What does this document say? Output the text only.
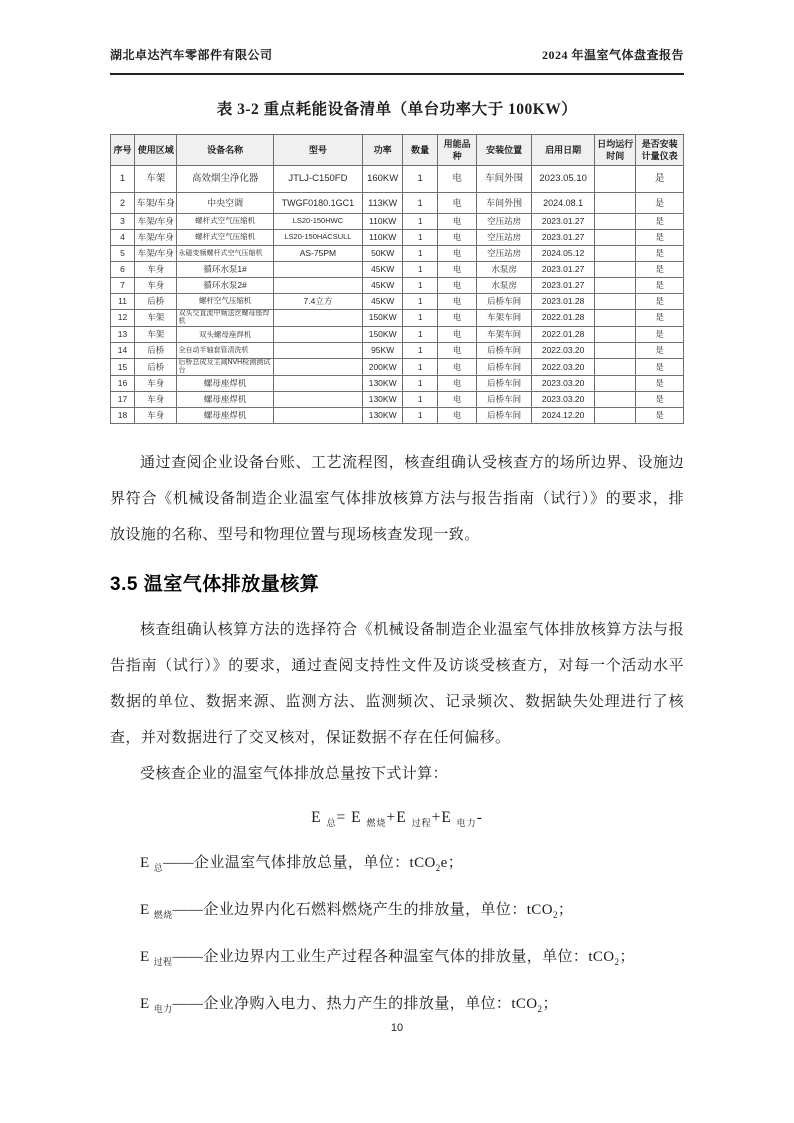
湖北卓达汽车零部件有限公司	2024 年温室气体盘查报告
表 3-2 重点耗能设备清单（单台功率大于 100KW）
序号	使用区域	设备名称	型号	功率	数量	用能品种	安装位置	启用日期	日均运行时间	是否安装计量仪表
1	车架	高效烟尘净化器	JTLJ-C150FD	160KW	1	电	车间外围	2023.05.10		是
2	车架/车身	中央空调	TWGF0180.1GC1	113KW	1	电	车间外围	2024.08.1		是
3	车架/车身	螺杆式空气压缩机	LS20-150HWC	110KW	1	电	空压站房	2023.01.27		是
4	车架/车身	螺杆式空气压缩机	LS20-150HACSULL	110KW	1	电	空压站房	2023.01.27		是
5	车架/车身	永磁变频螺杆式空气压缩机	AS-75PM	50KW	1	电	空压站房	2024.05.12		是
6	车身	循环水泵1#		45KW	1	电	水泵房	2023.01.27		是
7	车身	循环水泵2#		45KW	1	电	水泵房	2023.01.27		是
11	后桥	螺杆空气压缩机	7.4立方	45KW	1	电	后桥车间	2023.01.28		是
12	车架	双头交直流中频送丝螺母座焊机		150KW	1	电	车架车间	2022.01.28		是
13	车架	双头螺母座焊机		150KW	1	电	车架车间	2022.01.28		是
14	后桥	全自动半轴套管清洗机		95KW	1	电	后桥车间	2022.03.20		是
15	后桥	后桥总成及主减NVH检测测试台		200KW	1	电	后桥车间	2022.03.20		是
16	车身	螺母座焊机		130KW	1	电	后桥车间	2023.03.20		是
17	车身	螺母座焊机		130KW	1	电	后桥车间	2023.03.20		是
18	车身	螺母座焊机		130KW	1	电	后桥车间	2024.12.20		是

通过查阅企业设备台账、工艺流程图，核查组确认受核查方的场所边界、设施边界符合《机械设备制造企业温室气体排放核算方法与报告指南（试行）》的要求，排放设施的名称、型号和物理位置与现场核查发现一致。

3.5 温室气体排放量核算

核查组确认核算方法的选择符合《机械设备制造企业温室气体排放核算方法与报告指南（试行）》的要求，通过查阅支持性文件及访谈受核查方，对每一个活动水平数据的单位、数据来源、监测方法、监测频次、记录频次、数据缺失处理进行了核查，并对数据进行了交叉核对，保证数据不存在任何偏移。

受核查企业的温室气体排放总量按下式计算：

E $_总$= E $_{燃烧}$+E $_{过程}$+E $_{电力}$-
E $_总$——企业温室气体排放总量，单位：tCO$_2$e；
E $_{燃烧}$——企业边界内化石燃料燃烧产生的排放量，单位：tCO$_2$；
E $_{过程}$——企业边界内工业生产过程各种温室气体的排放量，单位：tCO$_2$；
E $_{电力}$——企业净购入电力、热力产生的排放量，单位：tCO$_2$；
10
